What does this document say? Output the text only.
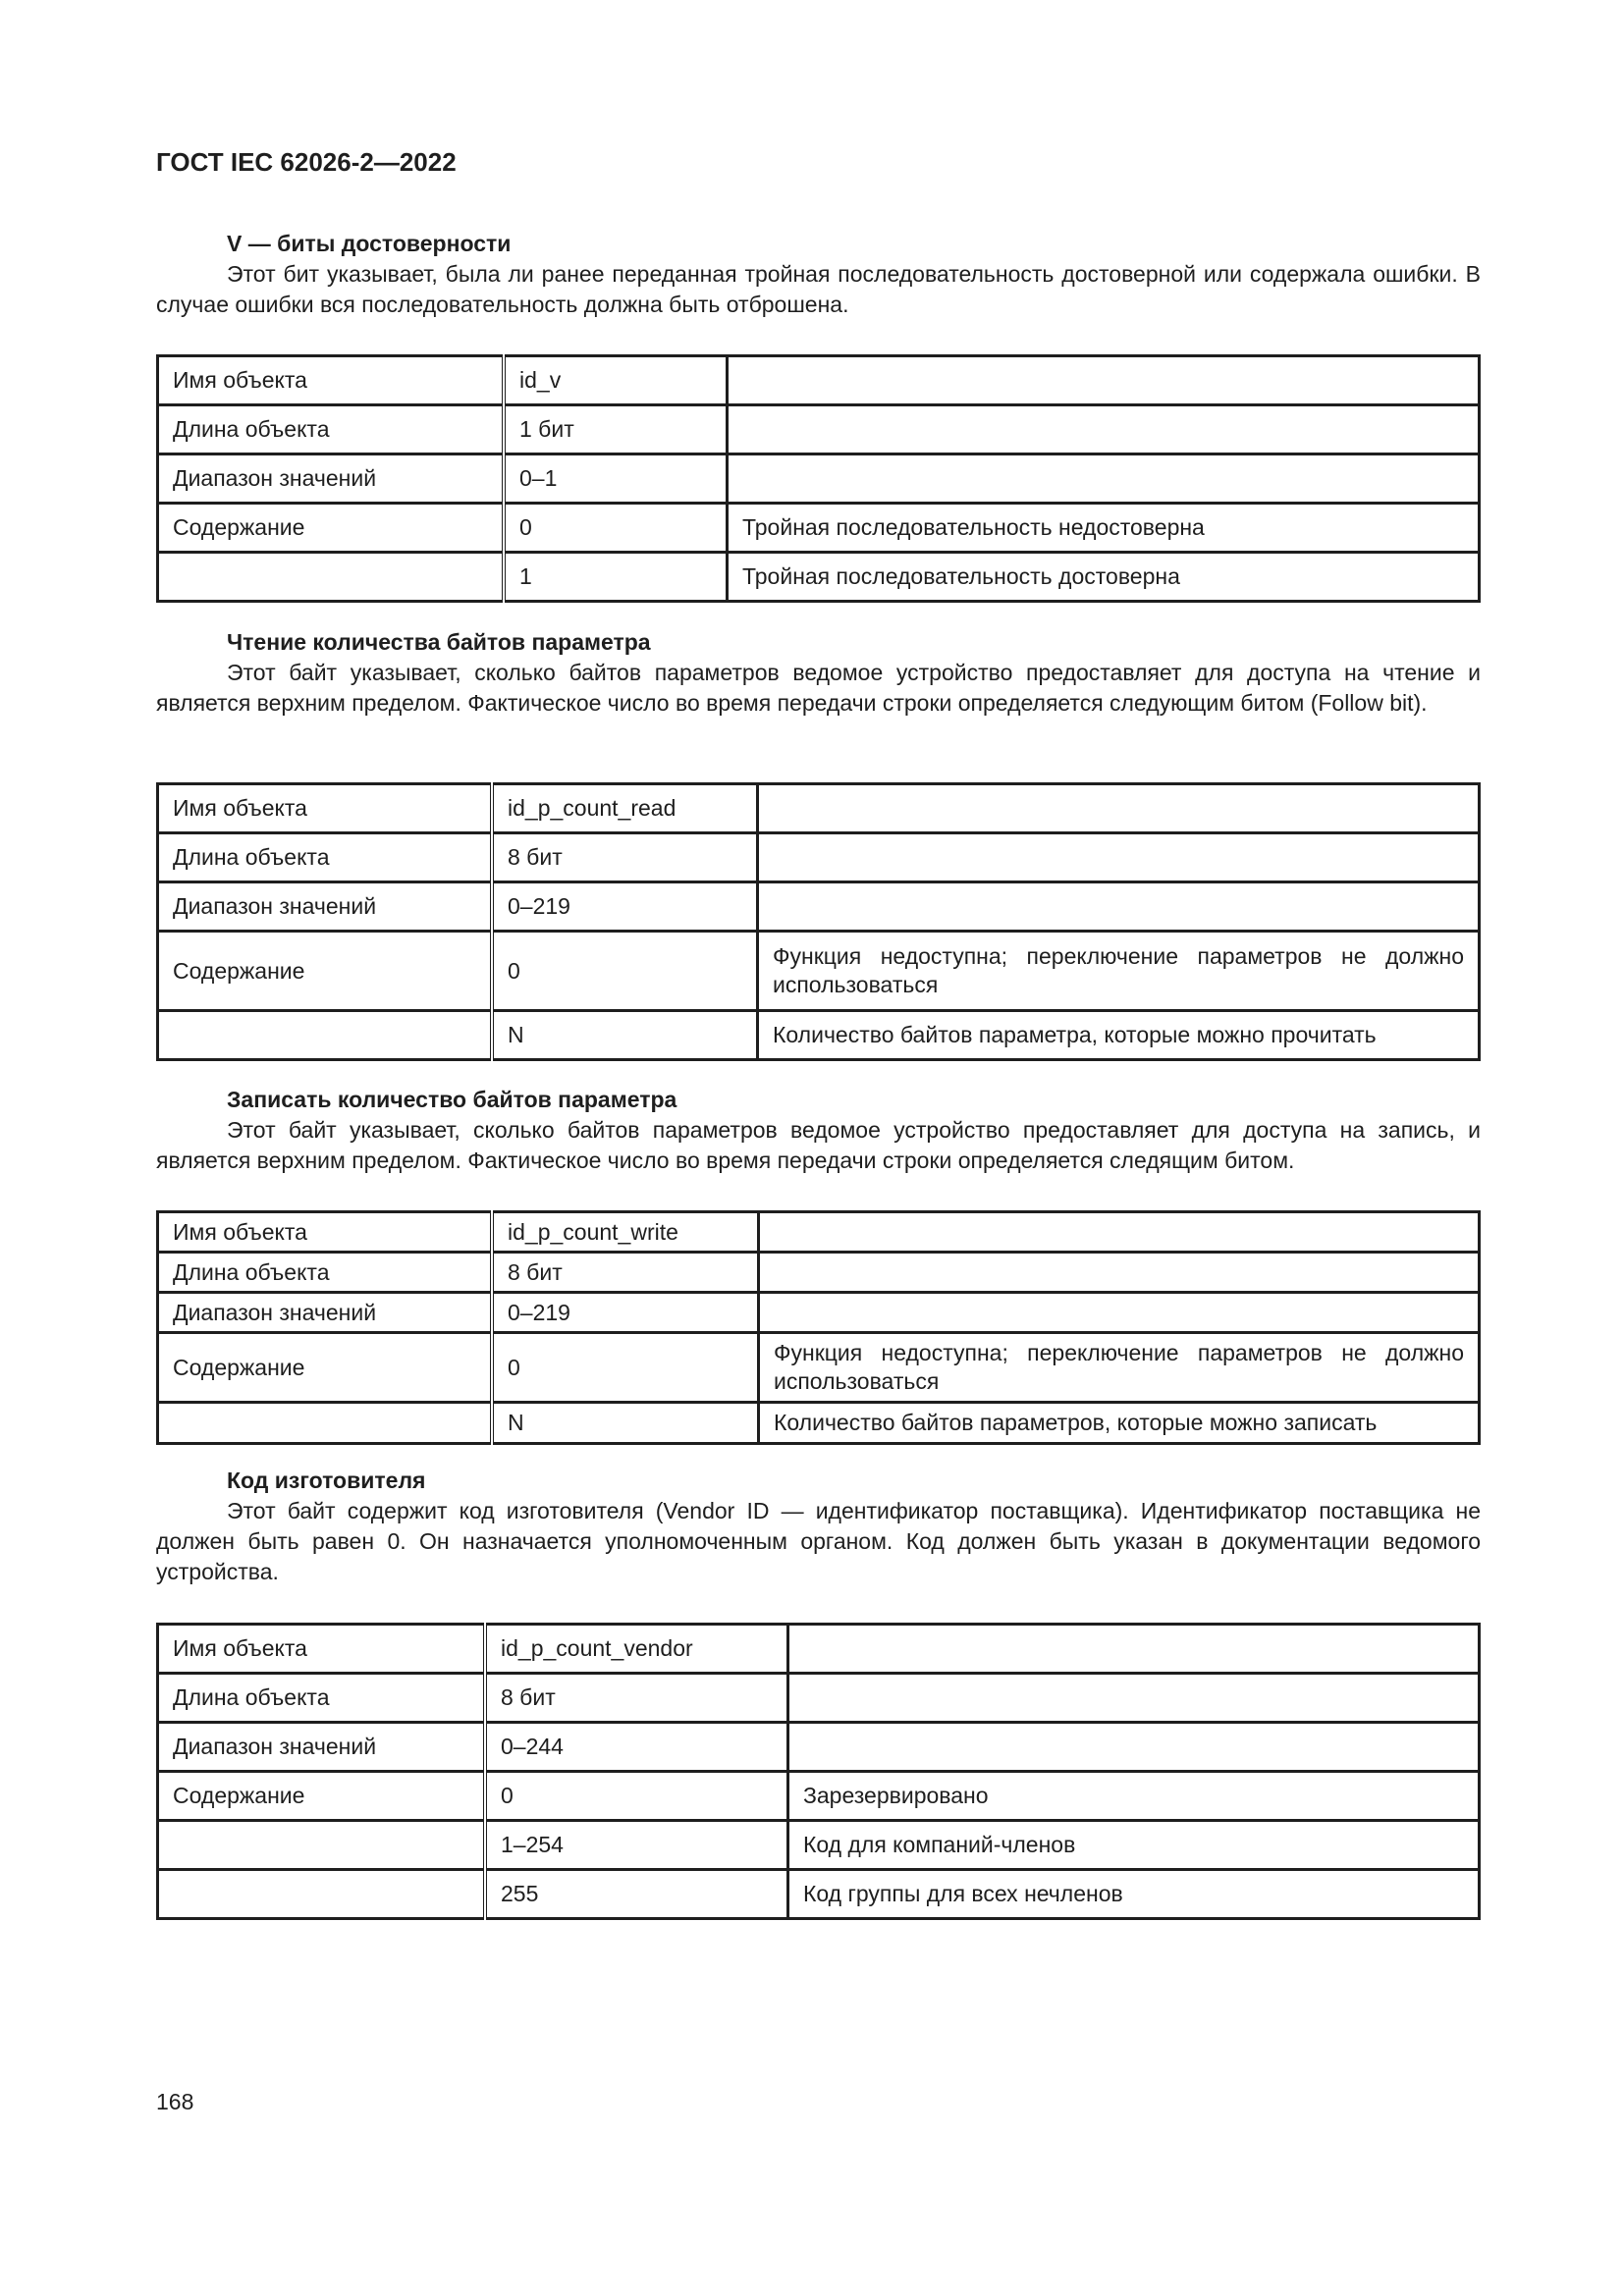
ГОСТ IEC 62026-2—2022
V — биты достоверности

Этот бит указывает, была ли ранее переданная тройная последовательность достоверной или содержала ошибки. В случае ошибки вся последовательность должна быть отброшена.

Имя объекта	id_v	
Длина объекта	1 бит	
Диапазон значений	0–1	
Содержание	0	Тройная последовательность недостоверна
	1	Тройная последовательность достоверна
Чтение количества байтов параметра

Этот байт указывает, сколько байтов параметров ведомое устройство предоставляет для доступа на чтение и является верхним пределом. Фактическое число во время передачи строки определяется следующим битом (Follow bit).

Имя объекта	id_p_count_read	
Длина объекта	8 бит	
Диапазон значений	0–219	
Содержание	0	Функция недоступна; переключение параметров не должно использоваться
	N	Количество байтов параметра, которые можно прочитать
Записать количество байтов параметра

Этот байт указывает, сколько байтов параметров ведомое устройство предоставляет для доступа на запись, и является верхним пределом. Фактическое число во время передачи строки определяется следящим битом.

Имя объекта	id_p_count_write	
Длина объекта	8 бит	
Диапазон значений	0–219	
Содержание	0	Функция недоступна; переключение параметров не должно использоваться
	N	Количество байтов параметров, которые можно записать
Код изготовителя

Этот байт содержит код изготовителя (Vendor ID — идентификатор поставщика). Идентификатор поставщика не должен быть равен 0. Он назначается уполномоченным органом. Код должен быть указан в документации ведомого устройства.

Имя объекта	id_p_count_vendor	
Длина объекта	8 бит	
Диапазон значений	0–244	
Содержание	0	Зарезервировано
	1–254	Код для компаний-членов
	255	Код группы для всех нечленов
168
